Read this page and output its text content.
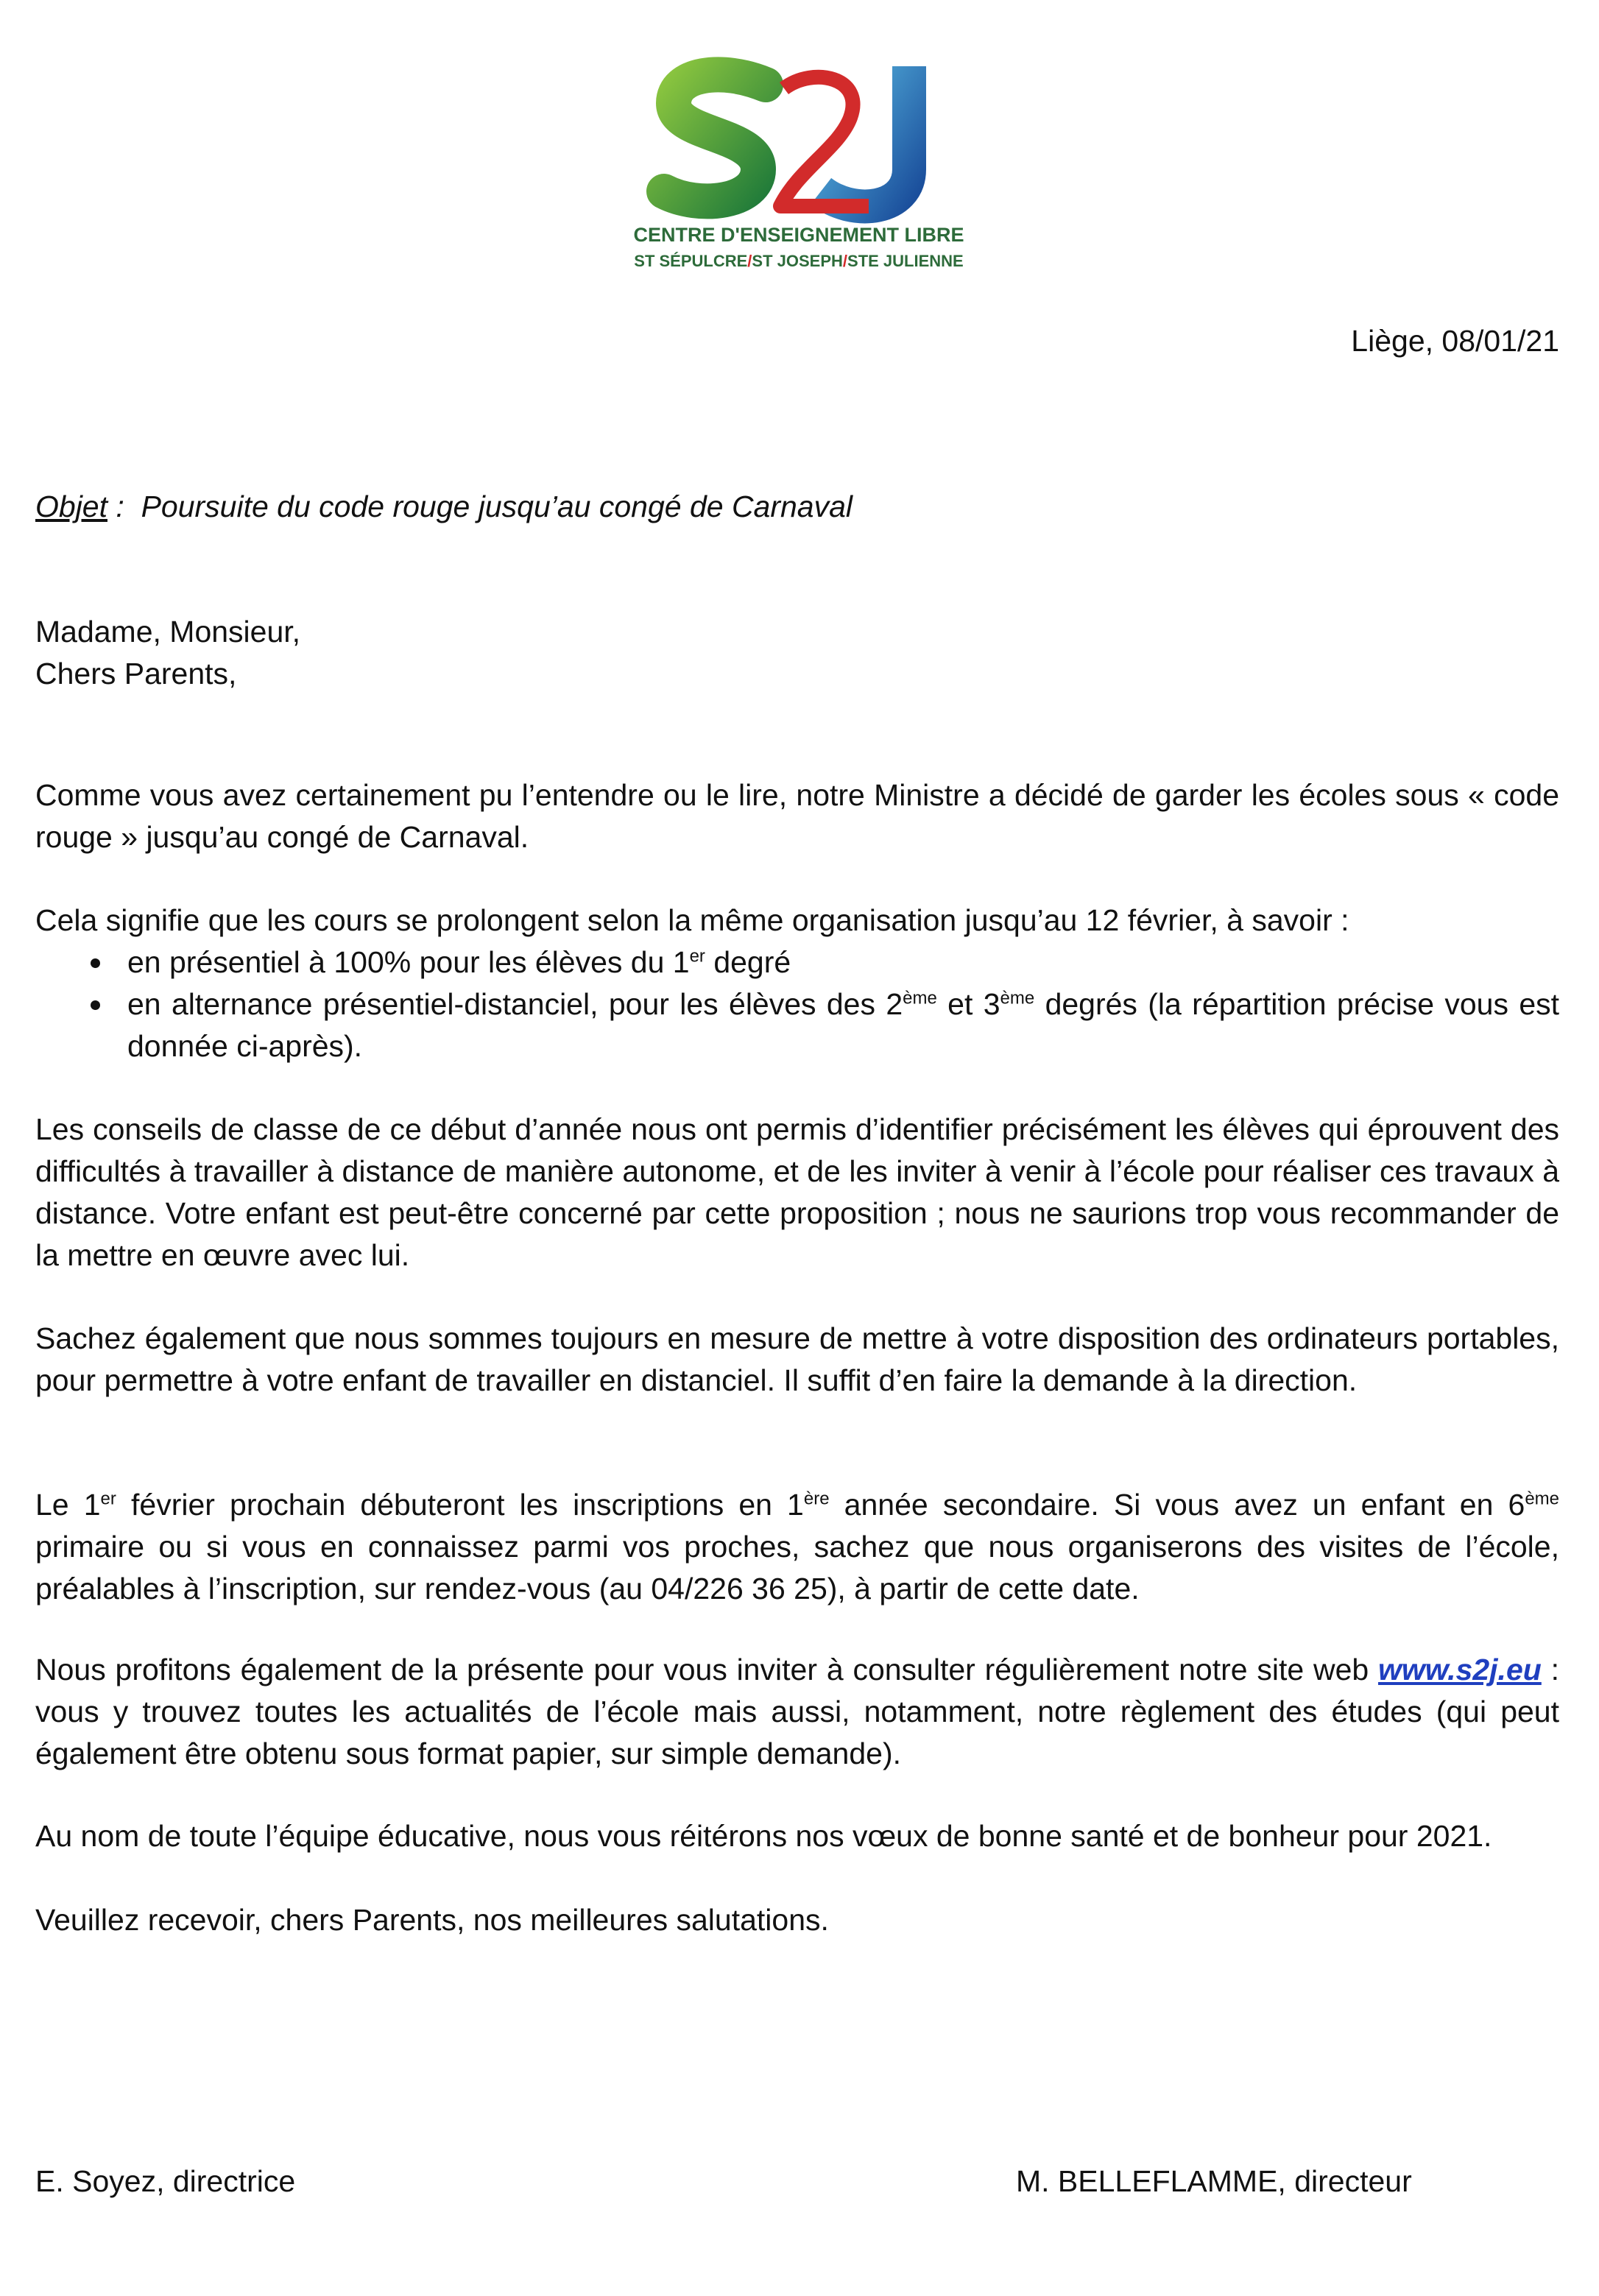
CENTRE D'ENSEIGNEMENT LIBRE
ST SÉPULCRE/ST JOSEPH/STE JULIENNE
Liège, 08/01/21
Objet :  Poursuite du code rouge jusqu’au congé de Carnaval

Madame, Monsieur,

Chers Parents,

Comme vous avez certainement pu l’entendre ou le lire, notre Ministre a décidé de garder les écoles sous « code rouge » jusqu’au congé de Carnaval.

Cela signifie que les cours se prolongent selon la même organisation jusqu’au 12 février, à savoir :

en présentiel à 100% pour les élèves du 1er degré
en alternance présentiel-distanciel, pour les élèves des 2ème et 3ème degrés (la répartition précise vous est donnée ci-après).

Les conseils de classe de ce début d’année nous ont permis d’identifier précisément les élèves qui éprouvent des difficultés à travailler à distance de manière autonome, et de les inviter à venir à l’école pour réaliser ces travaux à distance. Votre enfant est peut-être concerné par cette proposition ; nous ne saurions trop vous recommander de la mettre en œuvre avec lui.

Sachez également que nous sommes toujours en mesure de mettre à votre disposition des ordinateurs portables, pour permettre à votre enfant de travailler en distanciel. Il suffit d’en faire la demande à la direction.

Le 1er février prochain débuteront les inscriptions en 1ère année secondaire. Si vous avez un enfant en 6ème primaire ou si vous en connaissez parmi vos proches, sachez que nous organiserons des visites de l’école, préalables à l’inscription, sur rendez-vous (au 04/226 36 25), à partir de cette date.

Nous profitons également de la présente pour vous inviter à consulter régulièrement notre site web www.s2j.eu : vous y trouvez toutes les actualités de l’école mais aussi, notamment, notre règlement des études (qui peut également être obtenu sous format papier, sur simple demande).

Au nom de toute l’équipe éducative, nous vous réitérons nos vœux de bonne santé et de bonheur pour 2021.

Veuillez recevoir, chers Parents, nos meilleures salutations.

E. Soyez, directrice	M. BELLEFLAMME, directeur
